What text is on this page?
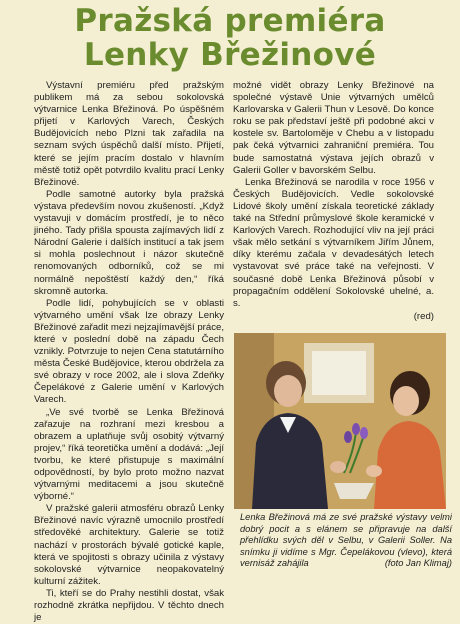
Pražská premiéra
Lenky Břežinové

Výstavní premiéru před pražským publikem má za sebou sokolovská výtvarnice Lenka Břežinová. Po úspěšném přijetí v Karlových Varech, Českých Budějovicích nebo Plzni tak zařadila na seznam svých úspěchů další místo. Přijetí, které se jejím pracím dostalo v hlavním městě totiž opět potvrdilo kvalitu prací Lenky Břežinové.

Podle samotné autorky byla pražská výstava především novou zkušeností. „Když vystavuji v domácím prostředí, je to něco jiného. Tady přišla spousta zajímavých lidí z Národní Galerie i dalších institucí a tak jsem si mohla poslechnout i názor skutečně renomovaných odborníků, což se mi normálně nepoštěstí každý den,“ říká skromně autorka.

Podle lidí, pohybujících se v oblasti výtvarného umění však lze obrazy Lenky Břežinové zařadit mezi nejzajímavější práce, které v poslední době na západu Čech vznikly. Potvrzuje to nejen Cena statutárního města České Budějovice, kterou obdržela za své obrazy v roce 2002, ale i slova Zdeňky Čepelákové z Galerie umění v Karlových Varech.

„Ve své tvorbě se Lenka Břežinová zařazuje na rozhraní mezi kresbou a obrazem a uplatňuje svůj osobitý výtvarný projev,“ říká teoretička umění a dodává: „Její tvorbu, ke které přistupuje s maximální odpovědností, by bylo proto možno nazvat výtvarnými meditacemi a jsou skutečně výborné.“

V pražské galerii atmosféru obrazů Lenky Břežinové navíc výrazně umocnilo prostředí středověké architektury. Galerie se totiž nachází v prostorách bývalé gotické kaple, která ve spojitosti s obrazy učinila z výstavy sokolovské výtvarnice neopakovatelný kulturní zážitek.

Ti, kteří se do Prahy nestihli dostat, však rozhodně zkrátka nepřijdou. V těchto dnech je

možné vidět obrazy Lenky Břežinové na společné výstavě Unie výtvarných umělců Karlovarska v Galerii Thun v Lesově. Do konce roku se pak představí ještě při podobné akci v kostele sv. Bartoloměje v Chebu a v listopadu pak čeká výtvarnici zahraniční premiéra. Tou bude samostatná výstava jejích obrazů v Galerii Goller v bavorském Selbu.

Lenka Břežinová se narodila v roce 1956 v Českých Budějovicích. Vedle sokolovské Lidové školy umění získala teoretické základy také na Střední průmyslové škole keramické v Karlových Varech. Rozhodující vliv na její práci však mělo setkání s výtvarníkem Jiřím Jůnem, díky kterému začala v devadesátých letech vystavovat své práce také na veřejnosti. V současné době Lenka Břežinová působí v propagačním oddělení Sokolovské uhelné, a. s.

(red)
Lenka Břežinová má ze své pražské výstavy velmi dobrý pocit a s elánem se připravuje na další přehlídku svých děl v Selbu, v Galerii Soller. Na snímku ji vidíme s Mgr. Čepelákovou (vlevo), která vernisáž zahájila	(foto Jan Klimaj)
